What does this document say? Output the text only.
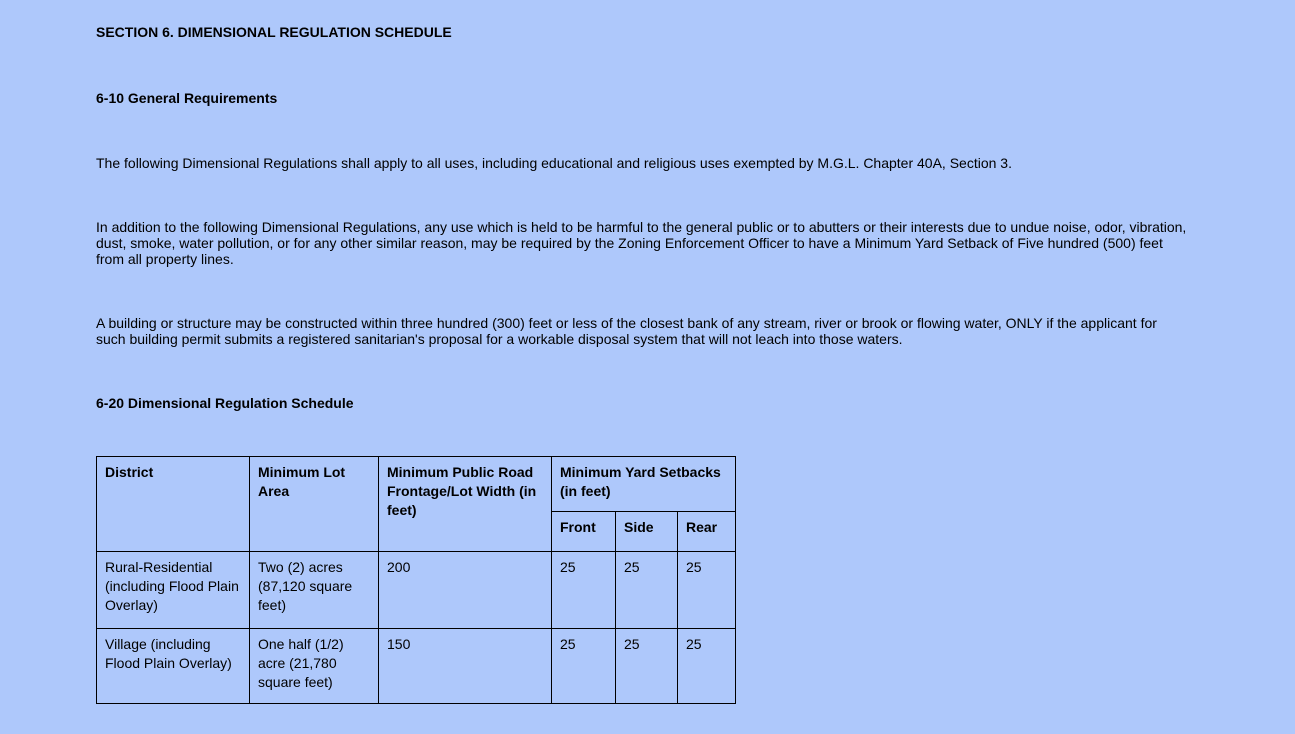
SECTION 6. DIMENSIONAL REGULATION SCHEDULE
6-10 General Requirements

The following Dimensional Regulations shall apply to all uses, including educational and religious uses exempted by M.G.L. Chapter 40A, Section 3.

In addition to the following Dimensional Regulations, any use which is held to be harmful to the general public or to abutters or their interests due to undue noise, odor, vibration, dust, smoke, water pollution, or for any other similar reason, may be required by the Zoning Enforcement Officer to have a Minimum Yard Setback of Five hundred (500) feet from all property lines.

A building or structure may be constructed within three hundred (300) feet or less of the closest bank of any stream, river or brook or flowing water, ONLY if the applicant for such building permit submits a registered sanitarian's proposal for a workable disposal system that will not leach into those waters.

6-20 Dimensional Regulation Schedule
District	Minimum Lot Area	Minimum Public Road Frontage/Lot Width (in feet)	Minimum Yard Setbacks (in feet)		
			Front	Side	Rear
Rural-Residential (including Flood Plain Overlay)	Two (2) acres (87,120 square feet)	200	25	25	25
Village (including Flood Plain Overlay)	One half (1/2) acre (21,780 square feet)	150	25	25	25
